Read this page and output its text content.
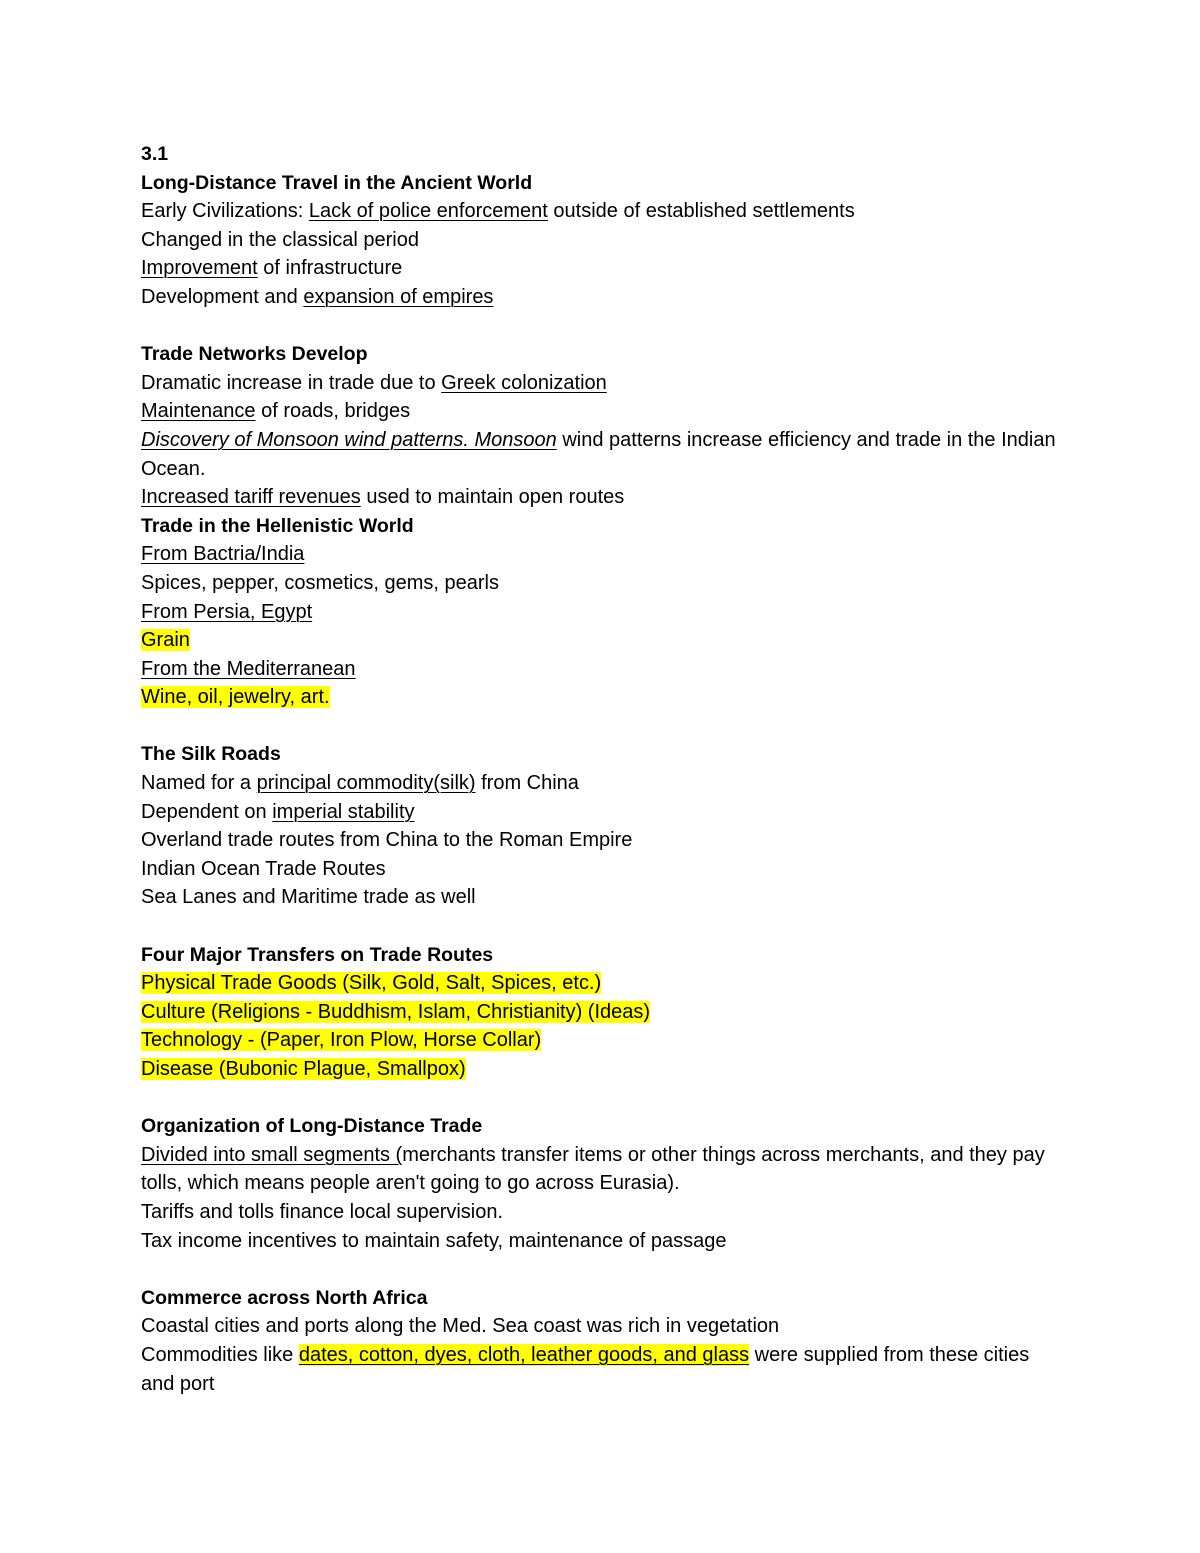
3.1
Long-Distance Travel in the Ancient World
Early Civilizations: Lack of police enforcement outside of established settlements
Changed in the classical period
Improvement of infrastructure
Development and expansion of empires
Trade Networks Develop
Dramatic increase in trade due to Greek colonization
Maintenance of roads, bridges
Discovery of Monsoon wind patterns. Monsoon wind patterns increase efficiency and trade in the Indian Ocean.
Increased tariff revenues used to maintain open routes
Trade in the Hellenistic World
From Bactria/India
Spices, pepper, cosmetics, gems, pearls
From Persia, Egypt
Grain
From the Mediterranean
Wine, oil, jewelry, art.
The Silk Roads
Named for a principal commodity(silk) from China
Dependent on imperial stability
Overland trade routes from China to the Roman Empire
Indian Ocean Trade Routes
Sea Lanes and Maritime trade as well
Four Major Transfers on Trade Routes
Physical Trade Goods (Silk, Gold, Salt, Spices, etc.)
Culture (Religions - Buddhism, Islam, Christianity) (Ideas)
Technology - (Paper, Iron Plow, Horse Collar)
Disease (Bubonic Plague, Smallpox)
Organization of Long-Distance Trade
Divided into small segments (merchants transfer items or other things across merchants, and they pay tolls, which means people aren't going to go across Eurasia).
Tariffs and tolls finance local supervision.
Tax income incentives to maintain safety, maintenance of passage
Commerce across North Africa
Coastal cities and ports along the Med. Sea coast was rich in vegetation
Commodities like dates, cotton, dyes, cloth, leather goods, and glass were supplied from these cities and port
